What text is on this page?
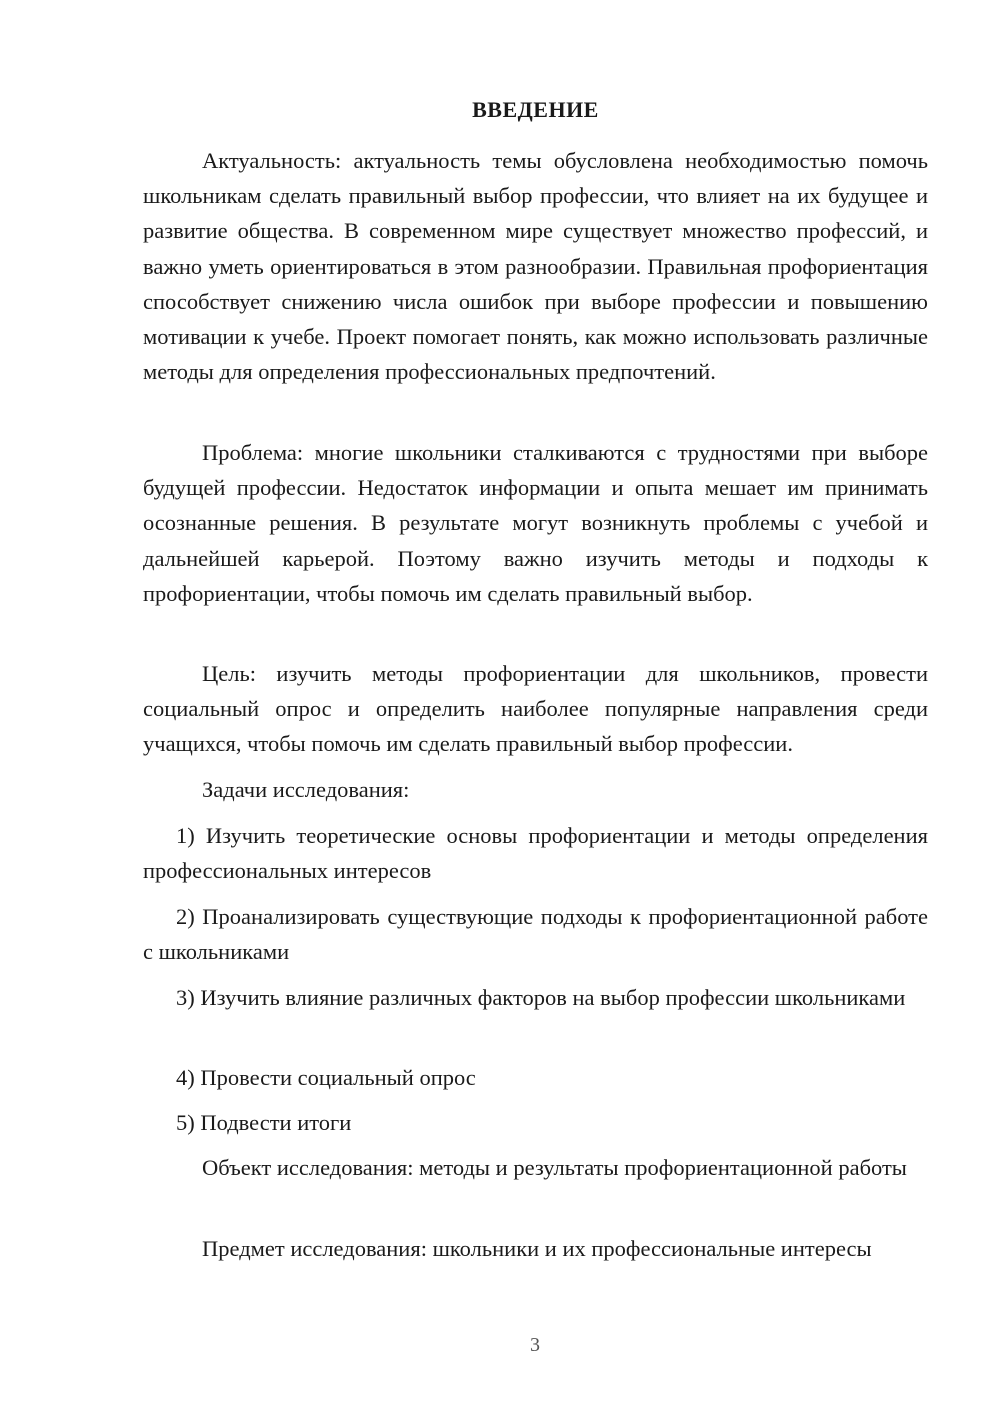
ВВЕДЕНИЕ

Актуальность: актуальность темы обусловлена необходимостью помочь школьникам сделать правильный выбор профессии, что влияет на их будущее и развитие общества. В современном мире существует множество профессий, и важно уметь ориентироваться в этом разнообразии. Правильная профориентация способствует снижению числа ошибок при выборе профессии и повышению мотивации к учебе. Проект помогает понять, как можно использовать различные методы для определения профессиональных предпочтений.

Проблема: многие школьники сталкиваются с трудностями при выборе будущей профессии. Недостаток информации и опыта мешает им принимать осознанные решения. В результате могут возникнуть проблемы с учебой и дальнейшей карьерой. Поэтому важно изучить методы и подходы к профориентации, чтобы помочь им сделать правильный выбор.

Цель: изучить методы профориентации для школьников, провести социальный опрос и определить наиболее популярные направления среди учащихся, чтобы помочь им сделать правильный выбор профессии.

Задачи исследования:

1) Изучить теоретические основы профориентации и методы определения профессиональных интересов

2) Проанализировать существующие подходы к профориентационной работе с школьниками

3) Изучить влияние различных факторов на выбор профессии школьниками

4) Провести социальный опрос

5) Подвести итоги

Объект исследования: методы и результаты профориентационной работы

Предмет исследования: школьники и их профессиональные интересы

3
